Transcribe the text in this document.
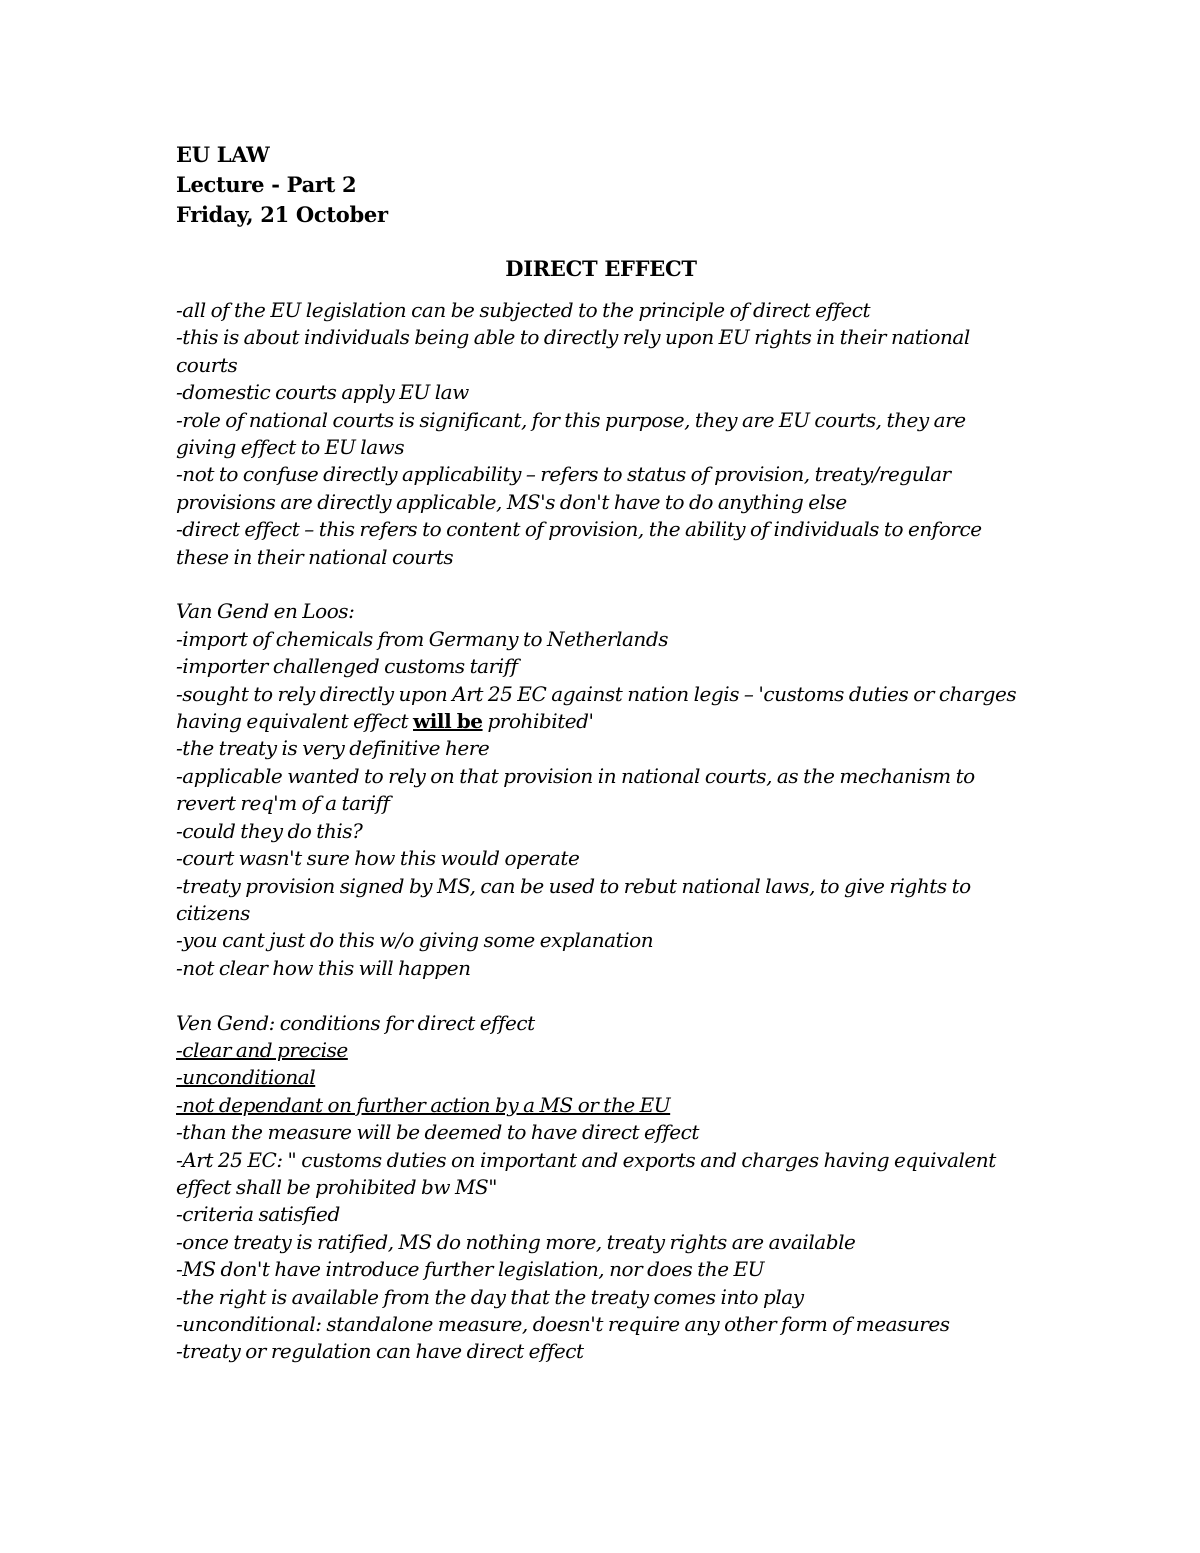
EU LAW
Lecture - Part 2
Friday, 21 October
DIRECT EFFECT

-all of the EU legislation can be subjected to the principle of direct effect

-this is about individuals being able to directly rely upon EU rights in their national courts

-domestic courts apply EU law

-role of national courts is significant, for this purpose, they are EU courts, they are giving effect to EU laws

-not to confuse directly applicability – refers to status of provision, treaty/regular provisions are directly applicable, MS's don't have to do anything else

-direct effect – this refers to content of provision, the ability of individuals to enforce these in their national courts

Van Gend en Loos:

-import of chemicals from Germany to Netherlands

-importer challenged customs tariff

-sought to rely directly upon Art 25 EC against nation legis – 'customs duties or charges having equivalent effect will be prohibited'

-the treaty is very definitive here

-applicable wanted to rely on that provision in national courts, as the mechanism to revert req'm of a tariff

-could they do this?

-court wasn't sure how this would operate

-treaty provision signed by MS, can be used to rebut national laws, to give rights to citizens

-you cant just do this w/o giving some explanation

-not clear how this will happen

Ven Gend: conditions for direct effect

-clear and precise

-unconditional

-not dependant on further action by a MS or the EU

-than the measure will be deemed to have direct effect

-Art 25 EC: " customs duties on important and exports and charges having equivalent effect shall be prohibited bw MS"

-criteria satisfied

-once treaty is ratified, MS do nothing more, treaty rights are available

-MS don't have introduce further legislation, nor does the EU

-the right is available from the day that the treaty comes into play

-unconditional: standalone measure, doesn't require any other form of measures

-treaty or regulation can have direct effect
